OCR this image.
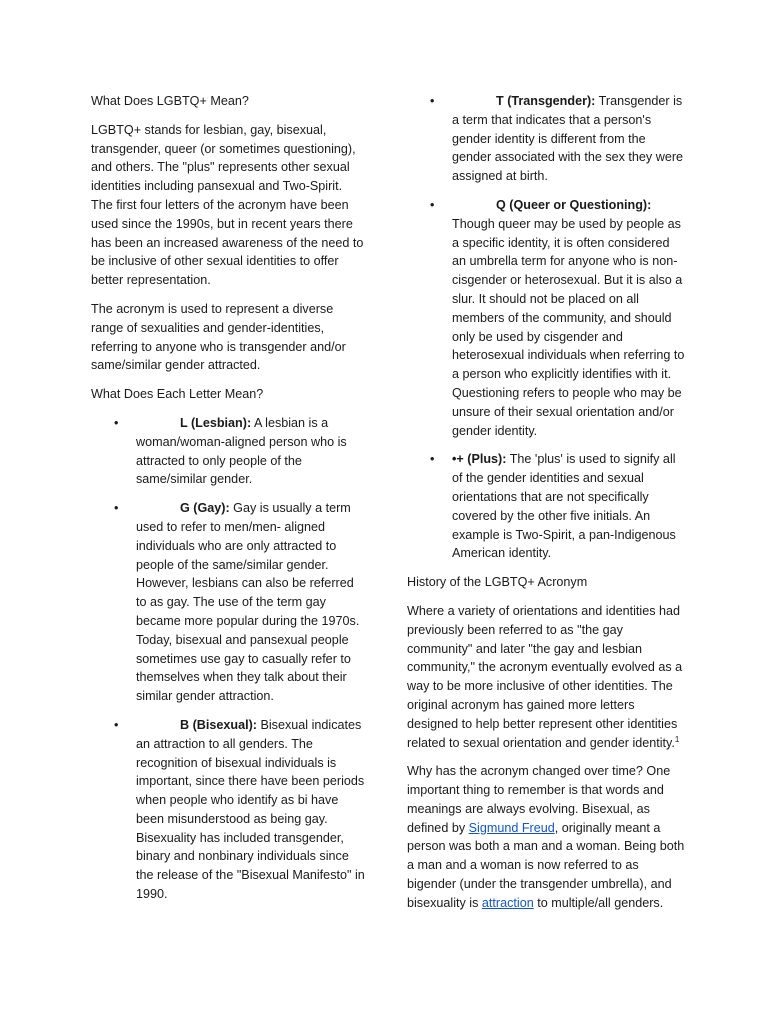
What Does LGBTQ+ Mean?

LGBTQ+ stands for lesbian, gay, bisexual, transgender, queer (or sometimes questioning), and others. The "plus" represents other sexual identities including pansexual and Two-Spirit. The first four letters of the acronym have been used since the 1990s, but in recent years there has been an increased awareness of the need to be inclusive of other sexual identities to offer better representation.

The acronym is used to represent a diverse range of sexualities and gender-identities, referring to anyone who is transgender and/or same/similar gender attracted.

What Does Each Letter Mean?
•	L (Lesbian): A lesbian is a woman/woman-aligned person who is attracted to only people of the same/similar gender.
•	G (Gay): Gay is usually a term used to refer to men/men- aligned individuals who are only attracted to people of the same/similar gender. However, lesbians can also be referred to as gay. The use of the term gay became more popular during the 1970s. Today, bisexual and pansexual people sometimes use gay to casually refer to themselves when they talk about their similar gender attraction.
•	B (Bisexual): Bisexual indicates an attraction to all genders. The recognition of bisexual individuals is important, since there have been periods when people who identify as bi have been misunderstood as being gay. Bisexuality has included transgender, binary and nonbinary individuals since the release of the "Bisexual Manifesto" in 1990.
•	T (Transgender): Transgender is a term that indicates that a person's gender identity is different from the gender associated with the sex they were assigned at birth.
•	Q (Queer or Questioning): Though queer may be used by people as a specific identity, it is often considered an umbrella term for anyone who is non-cisgender or heterosexual. But it is also a slur. It should not be placed on all members of the community, and should only be used by cisgender and heterosexual individuals when referring to a person who explicitly identifies with it. Questioning refers to people who may be unsure of their sexual orientation and/or gender identity.
• •+ (Plus): The 'plus' is used to signify all of the gender identities and sexual orientations that are not specifically covered by the other five initials. An example is Two-Spirit, a pan-Indigenous American identity.
History of the LGBTQ+ Acronym

Where a variety of orientations and identities had previously been referred to as "the gay community" and later "the gay and lesbian community," the acronym eventually evolved as a way to be more inclusive of other identities. The original acronym has gained more letters designed to help better represent other identities related to sexual orientation and gender identity.$^1$

Why has the acronym changed over time? One important thing to remember is that words and meanings are always evolving. Bisexual, as defined by Sigmund Freud, originally meant a person was both a man and a woman. Being both a man and a woman is now referred to as bigender (under the transgender umbrella), and bisexuality is attraction to multiple/all genders.
